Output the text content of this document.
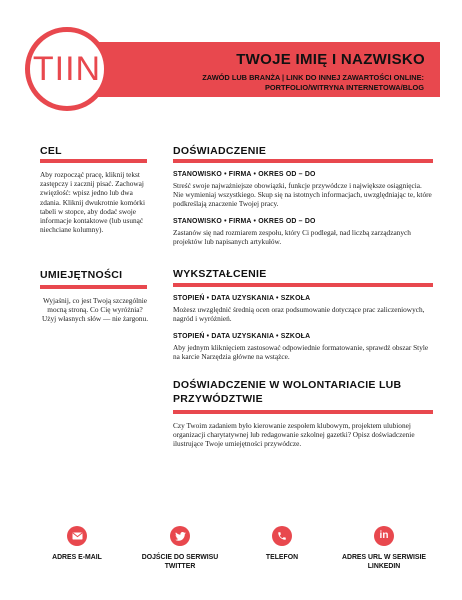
TIIN	TWOJE IMIĘ I NAZWISKO
ZAWÓD LUB BRANŻA | LINK DO INNEJ ZAWARTOŚCI ONLINE:
PORTFOLIO/WITRYNA INTERNETOWA/BLOG
CEL
Aby rozpocząć pracę, kliknij tekst zastępczy i zacznij pisać. Zachowaj zwięzłość: wpisz jedno lub dwa zdania. Kliknij dwukrotnie komórki tabeli w stopce, aby dodać swoje informacje kontaktowe (lub usunąć niechciane kolumny).
UMIEJĘTNOŚCI
Wyjaśnij, co jest Twoją szczególnie mocną stroną. Co Cię wyróżnia? Użyj własnych słów — nie żargonu.
DOŚWIADCZENIE
STANOWISKO • FIRMA • OKRES OD – DO
Streść swoje najważniejsze obowiązki, funkcje przywódcze i największe osiągnięcia. Nie wymieniaj wszystkiego. Skup się na istotnych informacjach, uwzględniając te, które podkreślają znaczenie Twojej pracy.
STANOWISKO • FIRMA • OKRES OD – DO
Zastanów się nad rozmiarem zespołu, który Ci podlegał, nad liczbą zarządzanych projektów lub napisanych artykułów.
WYKSZTAŁCENIE
STOPIEŃ • DATA UZYSKANIA • SZKOŁA
Możesz uwzględnić średnią ocen oraz podsumowanie dotyczące prac zaliczeniowych, nagród i wyróżnień.
STOPIEŃ • DATA UZYSKANIA • SZKOŁA
Aby jednym kliknięciem zastosować odpowiednie formatowanie, sprawdź obszar Style na karcie Narzędzia główne na wstążce.
DOŚWIADCZENIE W WOLONTARIACIE LUB
PRZYWÓDZTWIE
Czy Twoim zadaniem było kierowanie zespołem klubowym, projektem ulubionej organizacji charytatywnej lub redagowanie szkolnej gazetki? Opisz doświadczenie ilustrujące Twoje umiejętności przywódcze.
ADRES E-MAIL	DOJŚCIE DO SERWISU
TWITTER
TELEFON
in
ADRES URL W SERWISIE
LINKEDIN
